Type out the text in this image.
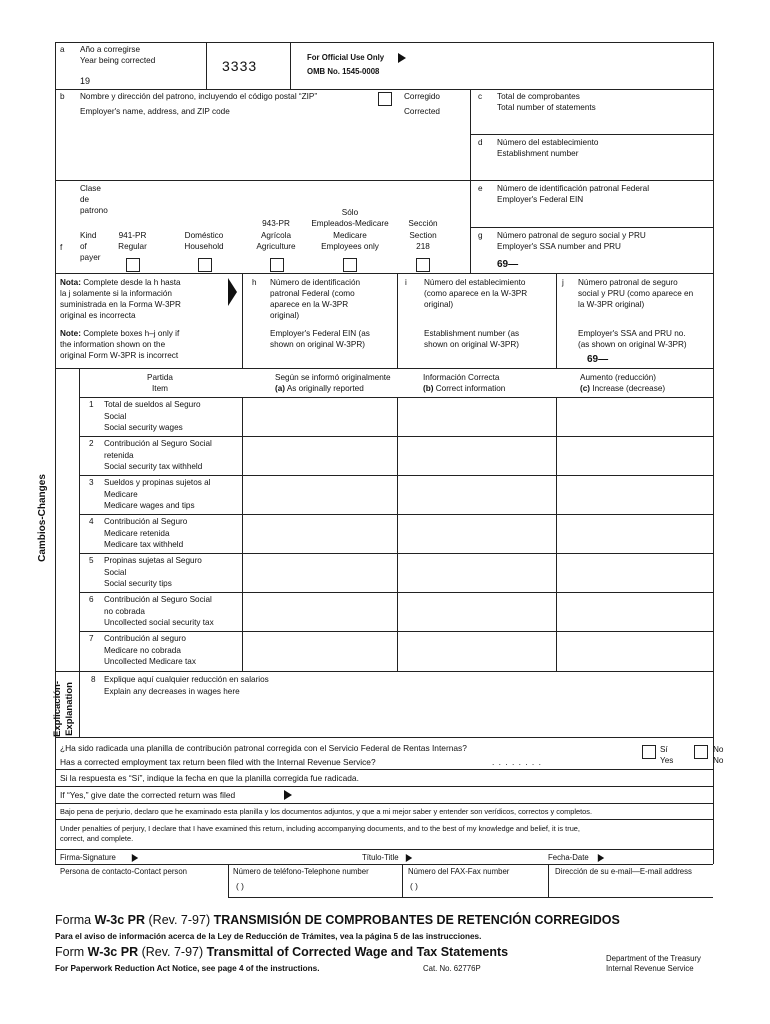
a Año a corregirse
Year being corrected
19
3333
For Official Use Only
OMB No. 1545-0008
b Nombre y dirección del patrono, incluyendo el código postal “ZIP”
Employer's name, address, and ZIP code
Corregido
Corrected
c Total de comprobantes
Total number of statements
d Número del establecimiento
Establishment number
Clase
de
patrono
f
Kind
of
payer
941-PR
Regular
Doméstico
Household
943-PR
Agrícola
Agriculture
Sólo
Empleados-Medicare
Medicare
Employees only
Sección
Section
218
e Número de identificación patronal Federal
Employer's Federal EIN
g Número patronal de seguro social y PRU
Employer's SSA number and PRU
69—
Nota: Complete desde la h hasta
la j solamente si la información
suministrada en la Forma W-3PR
original es incorrecta
Note: Complete boxes h–j only if
the information shown on the
original Form W-3PR is incorrect
h Número de identificación
patronal Federal (como
aparece en la W-3PR
original)
Employer's Federal EIN (as
shown on original W-3PR)
i Número del establecimiento
(como aparece en la W-3PR
original)
Establishment number (as
shown on original W-3PR)
j Número patronal de seguro
social y PRU (como aparece en
la W-3PR original)
Employer's SSA and PRU no.
(as shown on original W-3PR)
69—
Cambios-Changes
Partida
Item
Según se informó originalmente
(a) As originally reported
Información Correcta
(b) Correct information
Aumento (reducción)
(c) Increase (decrease)
1 Total de sueldos al Seguro
Social
Social security wages
2 Contribución al Seguro Social
retenida
Social security tax withheld
3 Sueldos y propinas sujetos al
Medicare
Medicare wages and tips
4 Contribución al Seguro
Medicare retenida
Medicare tax withheld
5 Propinas sujetas al Seguro
Social
Social security tips
6 Contribución al Seguro Social
no cobrada
Uncollected social security tax
7 Contribución al seguro
Medicare no cobrada
Uncollected Medicare tax
Explicación- Explanation
8 Explique aquí cualquier reducción en salarios
Explain any decreases in wages here
¿Ha sido radicada una planilla de contribución patronal corregida con el Servicio Federal de Rentas Internas?
Has a corrected employment tax return been filed with the Internal Revenue Service?	. . . . . . . .
Sí
Yes
No
No
Si la respuesta es “Sí”, indique la fecha en que la planilla corregida fue radicada.
If “Yes,” give date the corrected return was filed
Bajo pena de perjurio, declaro que he examinado esta planilla y los documentos adjuntos, y que a mi mejor saber y entender son verídicos, correctos y completos.
Under penalties of perjury, I declare that I have examined this return, including accompanying documents, and to the best of my knowledge and belief, it is true,
correct, and complete.
Firma-Signature	Título-Title	Fecha-Date
Persona de contacto-Contact person	Número de teléfono-Telephone number
( )
Número del FAX-Fax number
( )
Dirección de su e-mail—E-mail address
Forma W-3c PR (Rev. 7-97) TRANSMISIÓN DE COMPROBANTES DE RETENCIÓN CORREGIDOS
Para el aviso de información acerca de la Ley de Reducción de Trámites, vea la página 5 de las instrucciones.
Form W-3c PR (Rev. 7-97) Transmittal of Corrected Wage and Tax Statements
For Paperwork Reduction Act Notice, see page 4 of the instructions.	Cat. No. 62776P
Department of the Treasury
Internal Revenue Service
